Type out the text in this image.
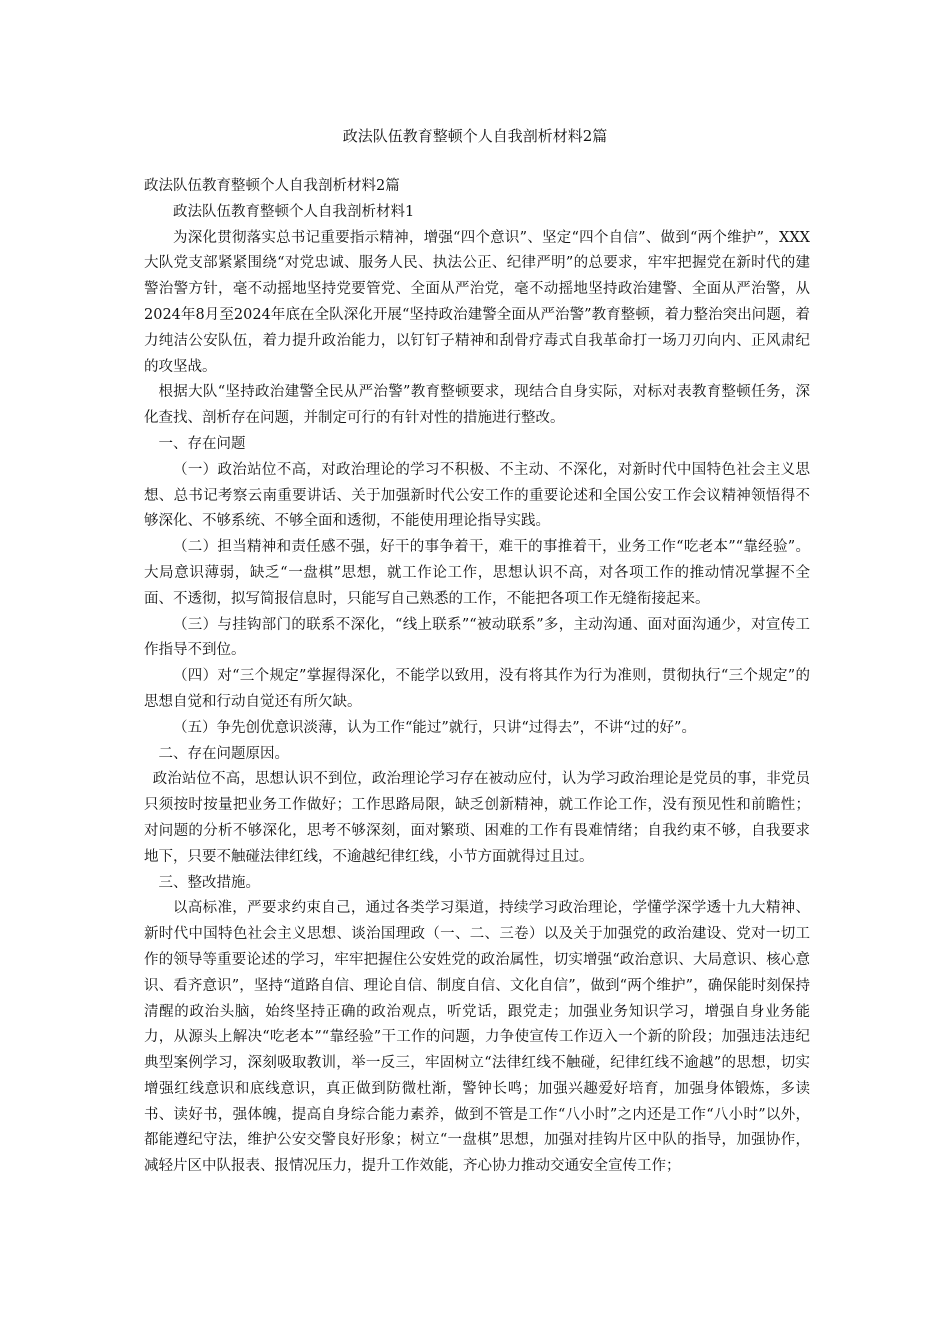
政法队伍教育整顿个人自我剖析材料2篇

政法队伍教育整顿个人自我剖析材料2篇

政法队伍教育整顿个人自我剖析材料1

为深化贯彻落实总书记重要指示精神，增强“四个意识”、坚定“四个自信”、做到“两个维护”，XXX大队党支部紧紧围绕“对党忠诚、服务人民、执法公正、纪律严明”的总要求，牢牢把握党在新时代的建警治警方针，毫不动摇地坚持党要管党、全面从严治党，毫不动摇地坚持政治建警、全面从严治警，从2024年8月至2024年底在全队深化开展“坚持政治建警全面从严治警”教育整顿，着力整治突出问题，着力纯洁公安队伍，着力提升政治能力，以钉钉子精神和刮骨疗毒式自我革命打一场刀刃向内、正风肃纪的攻坚战。

根据大队“坚持政治建警全民从严治警”教育整顿要求，现结合自身实际，对标对表教育整顿任务，深化查找、剖析存在问题，并制定可行的有针对性的措施进行整改。

一、存在问题

（一）政治站位不高，对政治理论的学习不积极、不主动、不深化，对新时代中国特色社会主义思想、总书记考察云南重要讲话、关于加强新时代公安工作的重要论述和全国公安工作会议精神领悟得不够深化、不够系统、不够全面和透彻，不能使用理论指导实践。

（二）担当精神和责任感不强，好干的事争着干，难干的事推着干，业务工作“吃老本”“靠经验”。大局意识薄弱，缺乏“一盘棋”思想，就工作论工作，思想认识不高，对各项工作的推动情况掌握不全面、不透彻，拟写简报信息时，只能写自己熟悉的工作，不能把各项工作无缝衔接起来。

（三）与挂钩部门的联系不深化，“线上联系”“被动联系”多，主动沟通、面对面沟通少，对宣传工作指导不到位。

（四）对“三个规定”掌握得深化，不能学以致用，没有将其作为行为准则，贯彻执行“三个规定”的思想自觉和行动自觉还有所欠缺。

（五）争先创优意识淡薄，认为工作“能过”就行，只讲“过得去”，不讲“过的好”。

二、存在问题原因。

政治站位不高，思想认识不到位，政治理论学习存在被动应付，认为学习政治理论是党员的事，非党员只须按时按量把业务工作做好；工作思路局限，缺乏创新精神，就工作论工作，没有预见性和前瞻性；对问题的分析不够深化，思考不够深刻，面对繁琐、困难的工作有畏难情绪；自我约束不够，自我要求地下，只要不触碰法律红线，不逾越纪律红线，小节方面就得过且过。

三、整改措施。

以高标准，严要求约束自己，通过各类学习渠道，持续学习政治理论，学懂学深学透十九大精神、新时代中国特色社会主义思想、谈治国理政（一、二、三卷）以及关于加强党的政治建设、党对一切工作的领导等重要论述的学习，牢牢把握住公安姓党的政治属性，切实增强“政治意识、大局意识、核心意识、看齐意识”，坚持“道路自信、理论自信、制度自信、文化自信”，做到“两个维护”，确保能时刻保持清醒的政治头脑，始终坚持正确的政治观点，听党话，跟党走；加强业务知识学习，增强自身业务能力，从源头上解决“吃老本”“靠经验”干工作的问题，力争使宣传工作迈入一个新的阶段；加强违法违纪典型案例学习，深刻吸取教训，举一反三，牢固树立“法律红线不触碰，纪律红线不逾越”的思想，切实增强红线意识和底线意识，真正做到防微杜渐，警钟长鸣；加强兴趣爱好培育，加强身体锻炼，多读书、读好书，强体魄，提高自身综合能力素养，做到不管是工作“八小时”之内还是工作“八小时”以外，都能遵纪守法，维护公安交警良好形象；树立“一盘棋”思想，加强对挂钩片区中队的指导，加强协作，减轻片区中队报表、报情况压力，提升工作效能，齐心协力推动交通安全宣传工作；
